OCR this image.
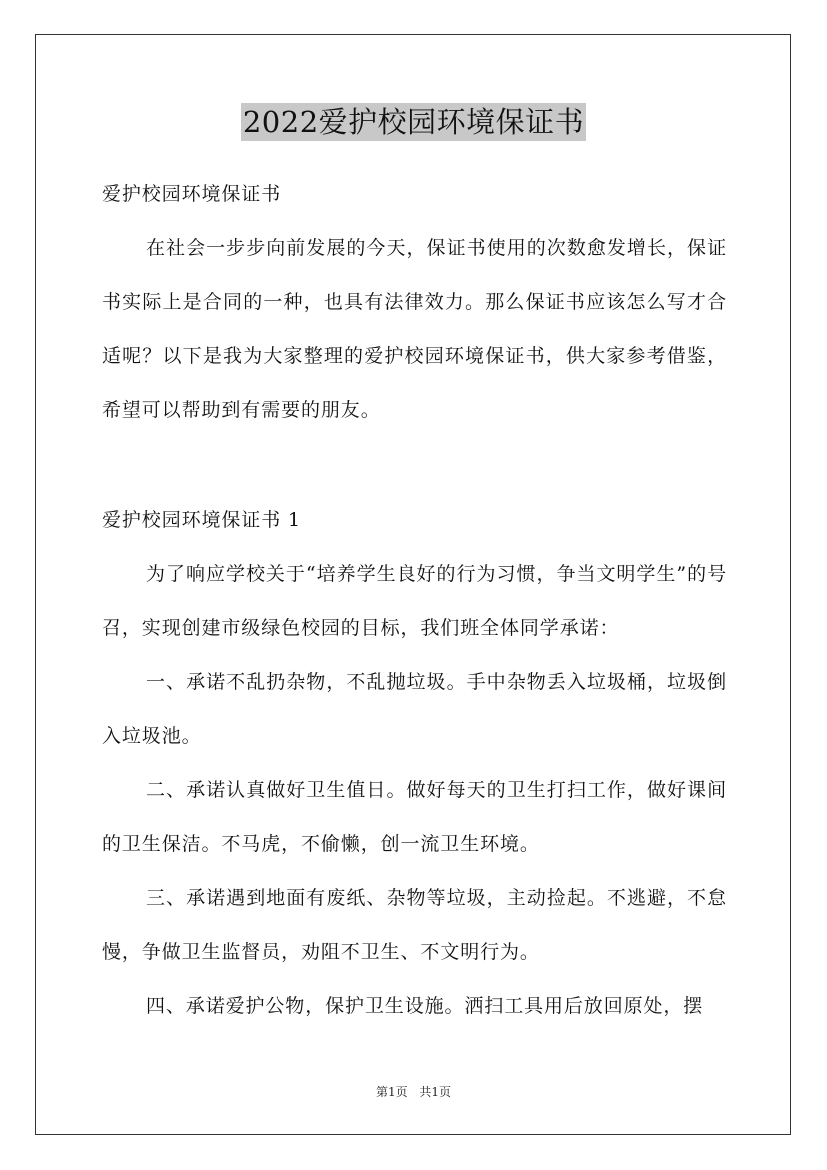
2022爱护校园环境保证书
爱护校园环境保证书

在社会一步步向前发展的今天，保证书使用的次数愈发增长，保证书实际上是合同的一种，也具有法律效力。那么保证书应该怎么写才合适呢？以下是我为大家整理的爱护校园环境保证书，供大家参考借鉴，希望可以帮助到有需要的朋友。

爱护校园环境保证书 1

为了响应学校关于“培养学生良好的行为习惯，争当文明学生”的号召，实现创建市级绿色校园的目标，我们班全体同学承诺：

一、承诺不乱扔杂物，不乱抛垃圾。手中杂物丢入垃圾桶，垃圾倒入垃圾池。

二、承诺认真做好卫生值日。做好每天的卫生打扫工作，做好课间的卫生保洁。不马虎，不偷懒，创一流卫生环境。

三、承诺遇到地面有废纸、杂物等垃圾，主动捡起。不逃避，不怠慢，争做卫生监督员，劝阻不卫生、不文明行为。

四、承诺爱护公物，保护卫生设施。洒扫工具用后放回原处，摆

第1页 共1页
